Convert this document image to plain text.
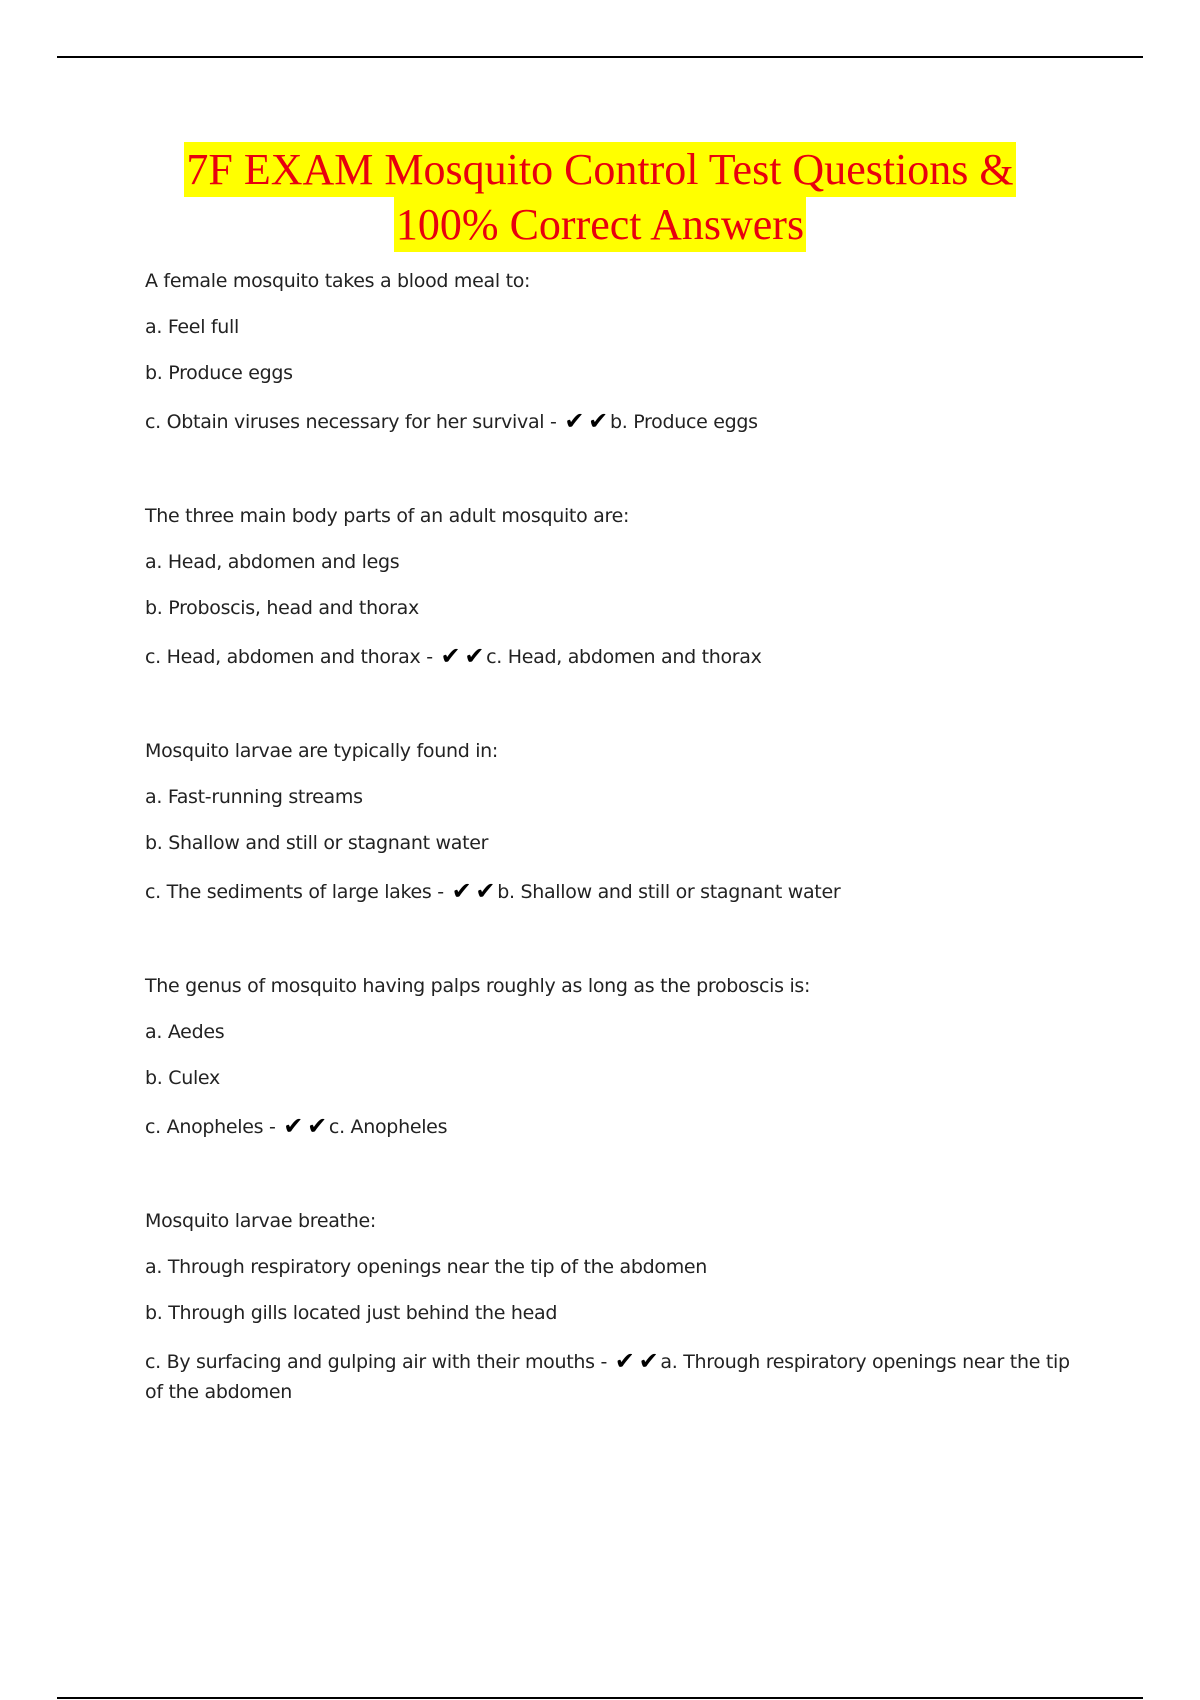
7F EXAM Mosquito Control Test Questions &
100% Correct Answers
A female mosquito takes a blood meal to:
a. Feel full
b. Produce eggs
c. Obtain viruses necessary for her survival - ✔ ✔ b. Produce eggs
The three main body parts of an adult mosquito are:
a. Head, abdomen and legs
b. Proboscis, head and thorax
c. Head, abdomen and thorax - ✔ ✔ c. Head, abdomen and thorax
Mosquito larvae are typically found in:
a. Fast-running streams
b. Shallow and still or stagnant water
c. The sediments of large lakes - ✔ ✔ b. Shallow and still or stagnant water
The genus of mosquito having palps roughly as long as the proboscis is:
a. Aedes
b. Culex
c. Anopheles - ✔ ✔ c. Anopheles
Mosquito larvae breathe:
a. Through respiratory openings near the tip of the abdomen
b. Through gills located just behind the head
c. By surfacing and gulping air with their mouths - ✔ ✔ a. Through respiratory openings near the tip of the abdomen
